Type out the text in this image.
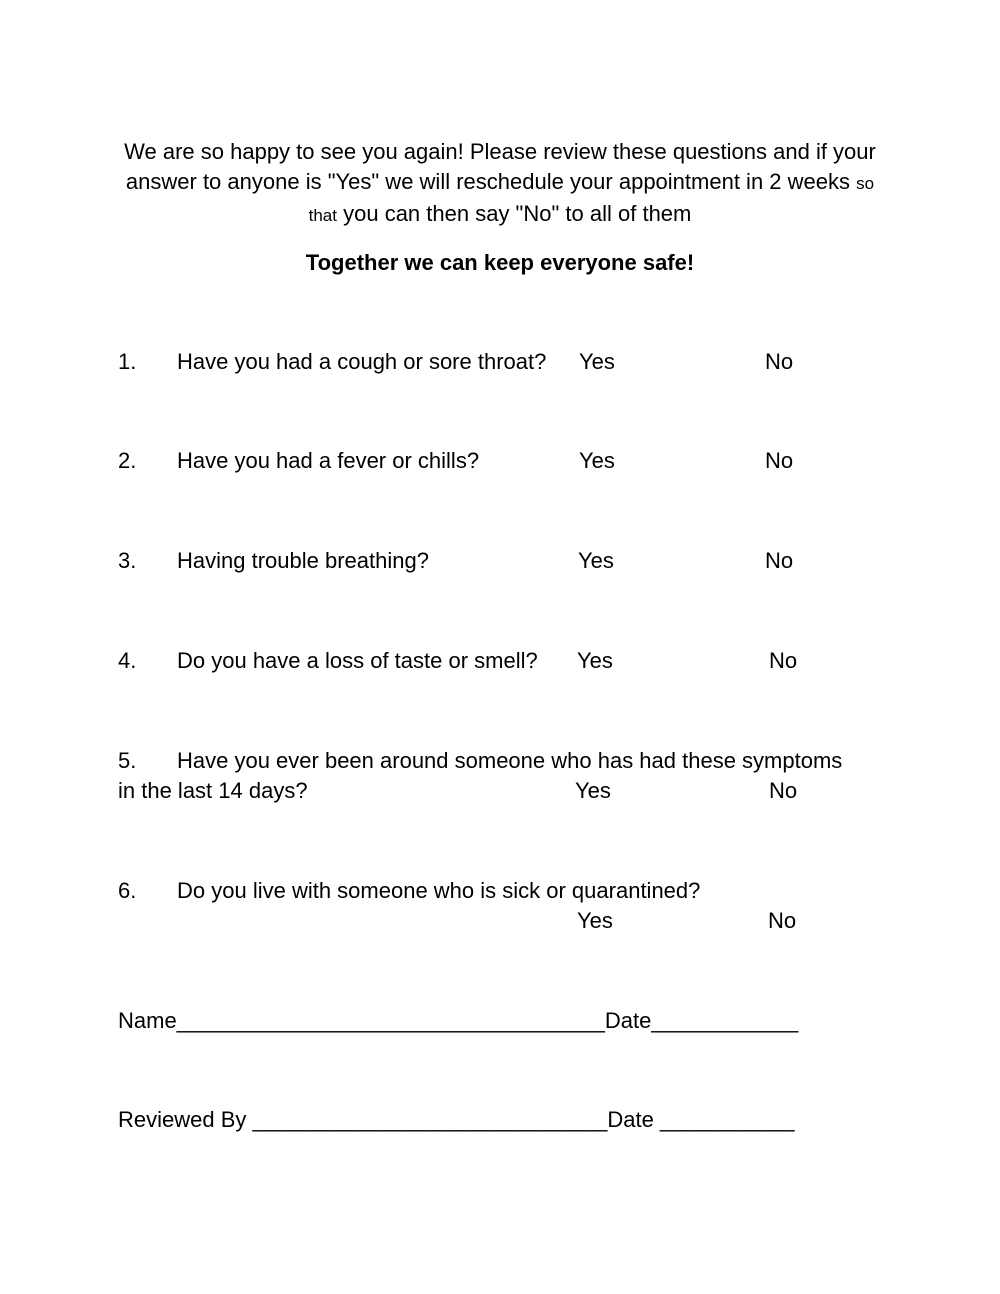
We are so happy to see you again! Please review these questions and if your answer to anyone is "Yes" we will reschedule your appointment in 2 weeks so that you can then say "No" to all of them

Together we can keep everyone safe!

1. Have you had a cough or sore throat? Yes	No
2. Have you had a fever or chills?	Yes	No
3. Having trouble breathing?	Yes	No
4. Do you have a loss of taste or smell? Yes	No
5. Have you ever been around someone who has had these symptoms
in the last 14 days?	Yes	No
6. Do you live with someone who is sick or quarantined?
Yes	No
Name___________________________________Date____________
Reviewed By _____________________________Date ___________
